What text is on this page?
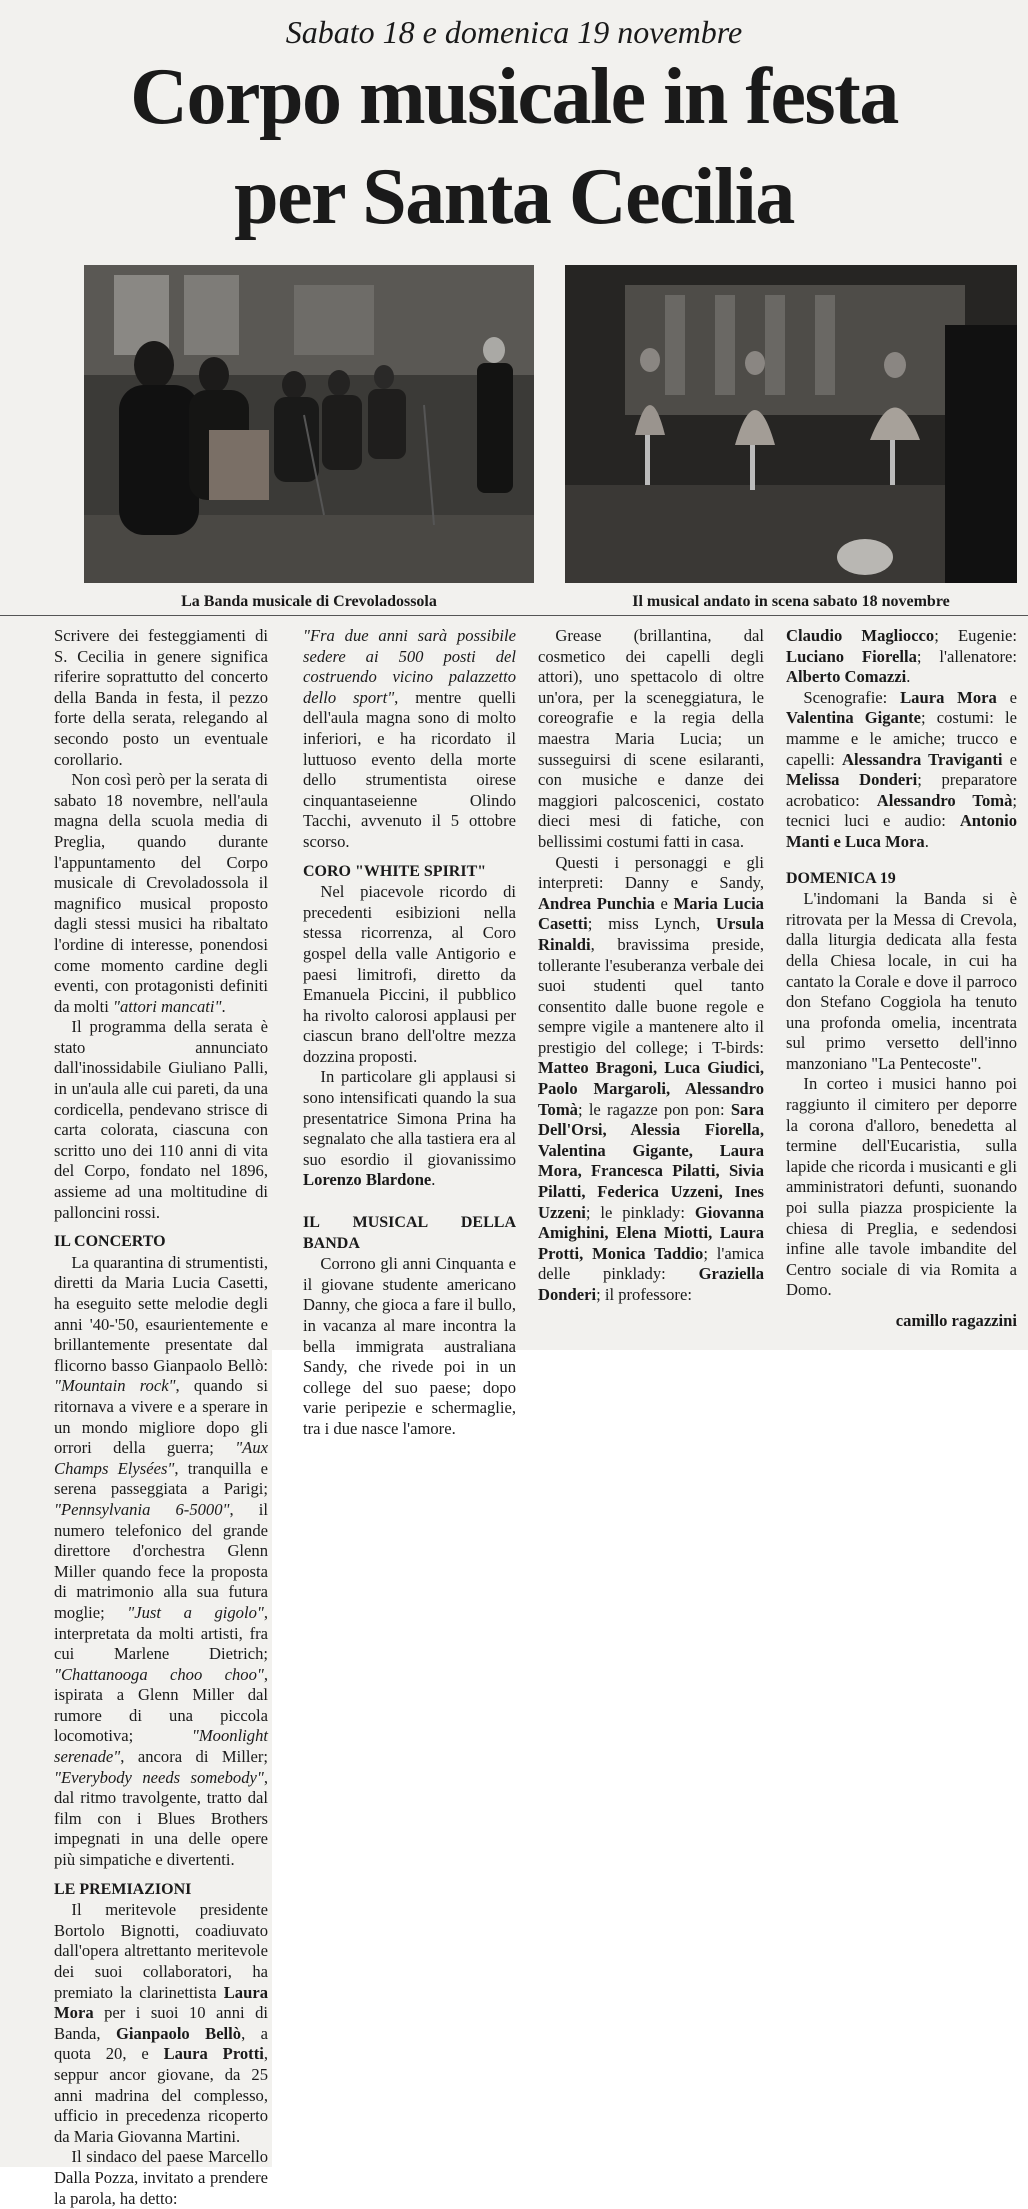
Sabato 18 e domenica 19 novembre
Corpo musicale in festa
per Santa Cecilia
La Banda musicale di Crevoladossola	Il musical andato in scena sabato 18 novembre

Scrivere dei festeggiamenti di S. Cecilia in genere significa riferire soprattutto del concerto della Banda in festa, il pezzo forte della serata, relegando al secondo posto un eventuale corollario.

Non così però per la serata di sabato 18 novembre, nell'aula magna della scuola media di Preglia, quando durante l'appuntamento del Corpo musicale di Crevoladossola il magnifico musical proposto dagli stessi musici ha ribaltato l'ordine di interesse, ponendosi come momento cardine degli eventi, con protagonisti definiti da molti "attori mancati".

Il programma della serata è stato annunciato dall'inossidabile Giuliano Palli, in un'aula alle cui pareti, da una cordicella, pendevano strisce di carta colorata, ciascuna con scritto uno dei 110 anni di vita del Corpo, fondato nel 1896, assieme ad una moltitudine di palloncini rossi.

IL CONCERTO

La quarantina di strumentisti, diretti da Maria Lucia Casetti, ha eseguito sette melodie degli anni '40-'50, esaurientemente e brillantemente presentate dal flicorno basso Gianpaolo Bellò: "Mountain rock", quando si ritornava a vivere e a sperare in un mondo migliore dopo gli orrori della guerra; "Aux Champs Elysées", tranquilla e serena passeggiata a Parigi; "Pennsylvania 6-5000", il numero telefonico del grande direttore d'orchestra Glenn Miller quando fece la proposta di matrimonio alla sua futura moglie; "Just a gigolo", interpretata da molti artisti, fra cui Marlene Dietrich; "Chattanooga choo choo", ispirata a Glenn Miller dal rumore di una piccola locomotiva; "Moonlight serenade", ancora di Miller; "Everybody needs somebody", dal ritmo travolgente, tratto dal film con i Blues Brothers impegnati in una delle opere più simpatiche e divertenti.

LE PREMIAZIONI

Il meritevole presidente Bortolo Bignotti, coadiuvato dall'opera altrettanto meritevole dei suoi collaboratori, ha premiato la clarinettista Laura Mora per i suoi 10 anni di Banda, Gianpaolo Bellò, a quota 20, e Laura Protti, seppur ancor giovane, da 25 anni madrina del complesso, ufficio in precedenza ricoperto da Maria Giovanna Martini.

Il sindaco del paese Marcello Dalla Pozza, invitato a prendere la parola, ha detto:

"Fra due anni sarà possibile sedere ai 500 posti del costruendo vicino palazzetto dello sport", mentre quelli dell'aula magna sono di molto inferiori, e ha ricordato il luttuoso evento della morte dello strumentista oirese cinquantaseienne Olindo Tacchi, avvenuto il 5 ottobre scorso.

CORO "WHITE SPIRIT"

Nel piacevole ricordo di precedenti esibizioni nella stessa ricorrenza, al Coro gospel della valle Antigorio e paesi limitrofi, diretto da Emanuela Piccini, il pubblico ha rivolto calorosi applausi per ciascun brano dell'oltre mezza dozzina proposti.

In particolare gli applausi si sono intensificati quando la sua presentatrice Simona Prina ha segnalato che alla tastiera era al suo esordio il giovanissimo Lorenzo Blardone.

IL MUSICAL DELLA BANDA

Corrono gli anni Cinquanta e il giovane studente americano Danny, che gioca a fare il bullo, in vacanza al mare incontra la bella immigrata australiana Sandy, che rivede poi in un college del suo paese; dopo varie peripezie e schermaglie, tra i due nasce l'amore.

Grease (brillantina, dal cosmetico dei capelli degli attori), uno spettacolo di oltre un'ora, per la sceneggiatura, le coreografie e la regia della maestra Maria Lucia; un susseguirsi di scene esilaranti, con musiche e danze dei maggiori palcoscenici, costato dieci mesi di fatiche, con bellissimi costumi fatti in casa.

Questi i personaggi e gli interpreti: Danny e Sandy, Andrea Punchia e Maria Lucia Casetti; miss Lynch, Ursula Rinaldi, bravissima preside, tollerante l'esuberanza verbale dei suoi studenti quel tanto consentito dalle buone regole e sempre vigile a mantenere alto il prestigio del college; i T-birds: Matteo Bragoni, Luca Giudici, Paolo Margaroli, Alessandro Tomà; le ragazze pon pon: Sara Dell'Orsi, Alessia Fiorella, Valentina Gigante, Laura Mora, Francesca Pilatti, Sivia Pilatti, Federica Uzzeni, Ines Uzzeni; le pinklady: Giovanna Amighini, Elena Miotti, Laura Protti, Monica Taddio; l'amica delle pinklady: Graziella Donderi; il professore:

Claudio Magliocco; Eugenie: Luciano Fiorella; l'allenatore: Alberto Comazzi.

Scenografie: Laura Mora e Valentina Gigante; costumi: le mamme e le amiche; trucco e capelli: Alessandra Traviganti e Melissa Donderi; preparatore acrobatico: Alessandro Tomà; tecnici luci e audio: Antonio Manti e Luca Mora.

DOMENICA 19

L'indomani la Banda si è ritrovata per la Messa di Crevola, dalla liturgia dedicata alla festa della Chiesa locale, in cui ha cantato la Corale e dove il parroco don Stefano Coggiola ha tenuto una profonda omelia, incentrata sul primo versetto dell'inno manzoniano "La Pentecoste".

In corteo i musici hanno poi raggiunto il cimitero per deporre la corona d'alloro, benedetta al termine dell'Eucaristia, sulla lapide che ricorda i musicanti e gli amministratori defunti, suonando poi sulla piazza prospiciente la chiesa di Preglia, e sedendosi infine alle tavole imbandite del Centro sociale di via Romita a Domo.

camillo ragazzini
